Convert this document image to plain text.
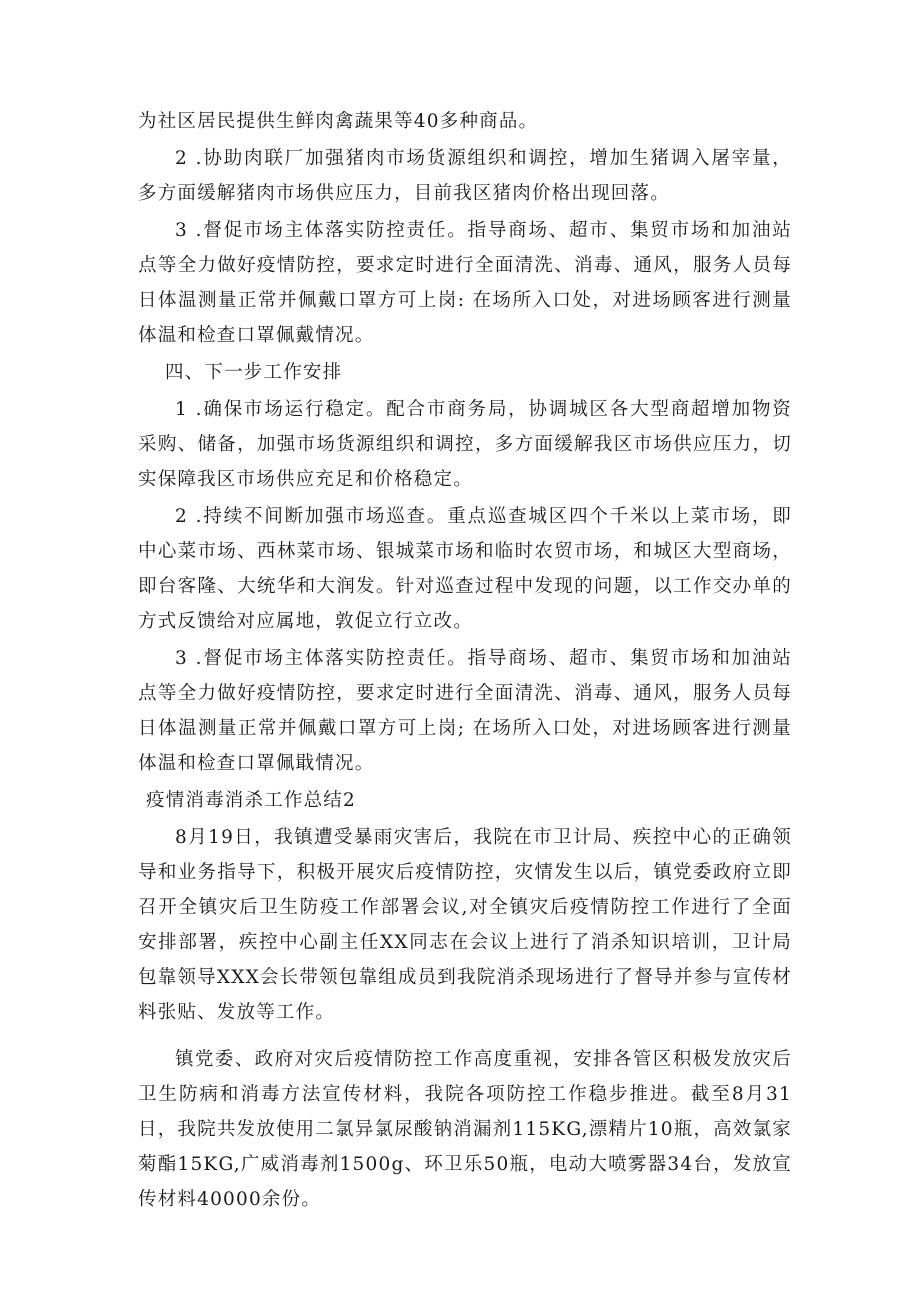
为社区居民提供生鲜肉禽蔬果等40多种商品。

2 .协助肉联厂加强猪肉市场货源组织和调控，增加生猪调入屠宰量，多方面缓解猪肉市场供应压力，目前我区猪肉价格出现回落。

3 .督促市场主体落实防控责任。指导商场、超市、集贸市场和加油站点等全力做好疫情防控，要求定时进行全面清洗、消毒、通风，服务人员每日体温测量正常并佩戴口罩方可上岗: 在场所入口处，对进场顾客进行测量体温和检查口罩佩戴情况。

四、下一步工作安排

1 .确保市场运行稳定。配合市商务局，协调城区各大型商超增加物资采购、储备，加强市场货源组织和调控，多方面缓解我区市场供应压力，切实保障我区市场供应充足和价格稳定。

2 .持续不间断加强市场巡查。重点巡查城区四个千米以上菜市场，即中心菜市场、西林菜市场、银城菜市场和临时农贸市场，和城区大型商场，即台客隆、大统华和大润发。针对巡查过程中发现的问题，以工作交办单的方式反馈给对应属地，敦促立行立改。

3 .督促市场主体落实防控责任。指导商场、超市、集贸市场和加油站点等全力做好疫情防控，要求定时进行全面清洗、消毒、通风，服务人员每日体温测量正常并佩戴口罩方可上岗; 在场所入口处，对进场顾客进行测量体温和检查口罩佩戢情况。

疫情消毒消杀工作总结2

8月19日，我镇遭受暴雨灾害后，我院在市卫计局、疾控中心的正确领导和业务指导下，积极开展灾后疫情防控，灾情发生以后，镇党委政府立即召开全镇灾后卫生防疫工作部署会议,对全镇灾后疫情防控工作进行了全面安排部署，疾控中心副主任XX同志在会议上进行了消杀知识培训，卫计局包靠领导XXX会长带领包靠组成员到我院消杀现场进行了督导并参与宣传材料张贴、发放等工作。

镇党委、政府对灾后疫情防控工作高度重视，安排各管区积极发放灾后卫生防病和消毒方法宣传材料，我院各项防控工作稳步推进。截至8月31日，我院共发放使用二氯异氯尿酸钠消漏剂115KG,漂精片10瓶，高效氯家菊酯15KG,广威消毒剂1500g、环卫乐50瓶，电动大喷雾器34台，发放宣传材料40000余份。
